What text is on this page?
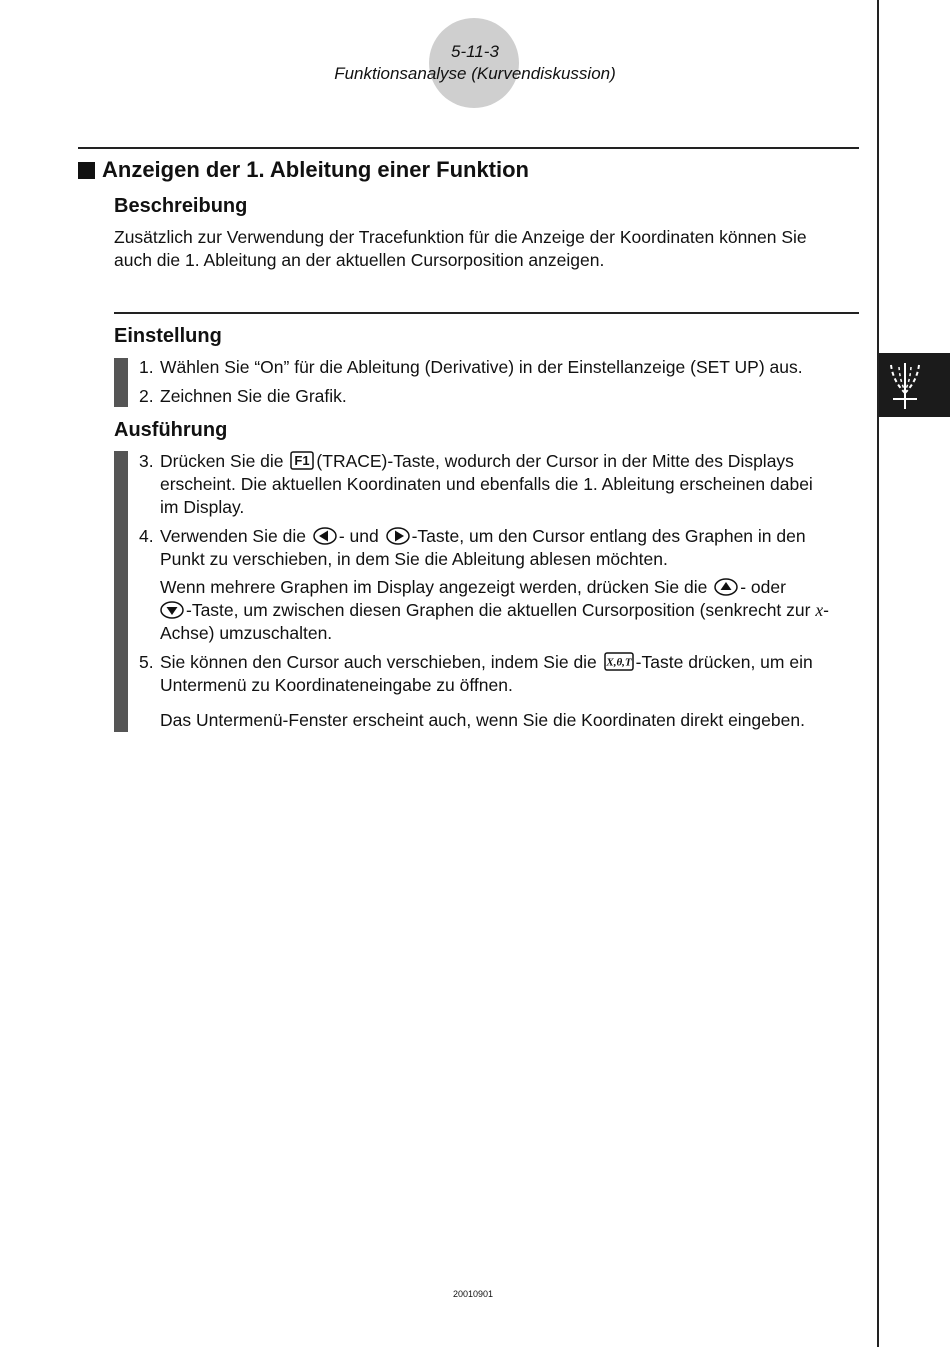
5-11-3
Funktionsanalyse (Kurvendiskussion)
Anzeigen der 1. Ableitung einer Funktion
Beschreibung
Zusätzlich zur Verwendung der Tracefunktion für die Anzeige der Koordinaten können Sie
auch die 1. Ableitung an der aktuellen Cursorposition anzeigen.
Einstellung
1. Wählen Sie “On” für die Ableitung (Derivative) in der Einstellanzeige (SET UP) aus.
2. Zeichnen Sie die Grafik.
Ausführung
3. Drücken Sie die F1 (TRACE)-Taste, wodurch der Cursor in der Mitte des Displays
erscheint. Die aktuellen Koordinaten und ebenfalls die 1. Ableitung erscheinen dabei
im Display.
4. Verwenden Sie die - und -Taste, um den Cursor entlang des Graphen in den
Punkt zu verschieben, in dem Sie die Ableitung ablesen möchten.
Wenn mehrere Graphen im Display angezeigt werden, drücken Sie die - oder
-Taste, um zwischen diesen Graphen die aktuellen Cursorposition (senkrecht zur x-
Achse) umzuschalten.
5. Sie können den Cursor auch verschieben, indem Sie die X,θ,T -Taste drücken, um ein
Untermenü zu Koordinateneingabe zu öffnen.
Das Untermenü-Fenster erscheint auch, wenn Sie die Koordinaten direkt eingeben.
20010901
